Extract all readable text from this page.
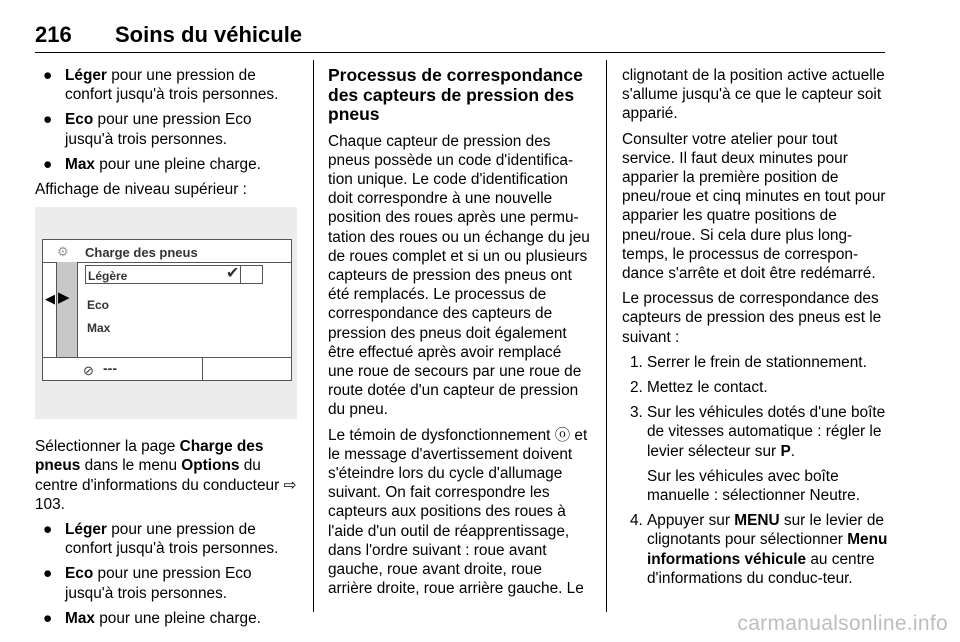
216 Soins du véhicule
● Léger pour une pression de confort jusqu'à trois personnes.
● Eco pour une pression Eco jusqu'à trois personnes.
● Max pour une pleine charge.

Affichage de niveau supérieur :

⚙ Charge des pneus
◀ ▶
Légère	✔
Eco
Max
⊘ ---

Sélectionner la page Charge des pneus dans le menu Options du centre d'informations du conducteur ⇨ 103.

● Léger pour une pression de confort jusqu'à trois personnes.
● Eco pour une pression Eco jusqu'à trois personnes.
● Max pour une pleine charge.
Processus de correspondance des capteurs de pression des pneus

Chaque capteur de pression des pneus possède un code d'identifica-tion unique. Le code d'identification doit correspondre à une nouvelle position des roues après une permu-tation des roues ou un échange du jeu de roues complet et si un ou plusieurs capteurs de pression des pneus ont été remplacés. Le processus de correspondance des capteurs de pression des pneus doit également être effectué après avoir remplacé une roue de secours par une roue de route dotée d'un capteur de pression du pneu.

Le témoin de dysfonctionnement ⓞ et le message d'avertissement doivent s'éteindre lors du cycle d'allumage suivant. On fait correspondre les capteurs aux positions des roues à l'aide d'un outil de réapprentissage, dans l'ordre suivant : roue avant gauche, roue avant droite, roue arrière droite, roue arrière gauche. Le

clignotant de la position active actuelle s'allume jusqu'à ce que le capteur soit apparié.

Consulter votre atelier pour tout service. Il faut deux minutes pour apparier la première position de pneu/roue et cinq minutes en tout pour apparier les quatre positions de pneu/roue. Si cela dure plus long-temps, le processus de correspon-dance s'arrête et doit être redémarré.

Le processus de correspondance des capteurs de pression des pneus est le suivant :

1. Serrer le frein de stationnement.
2. Mettez le contact.
3. Sur les véhicules dotés d'une boîte de vitesses automatique : régler le levier sélecteur sur P.
Sur les véhicules avec boîte manuelle : sélectionner Neutre.
4. Appuyer sur MENU sur le levier de clignotants pour sélectionner Menu informations véhicule au centre d'informations du conduc-teur.
carmanualsonline.info
